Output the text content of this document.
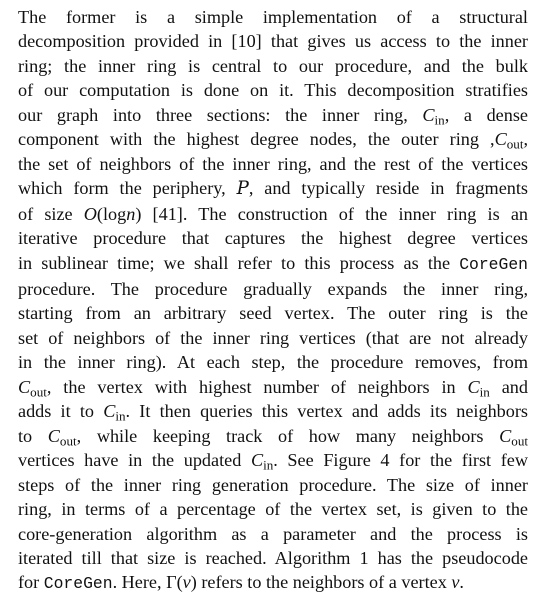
The former is a simple implementation of a structural
decomposition provided in [10] that gives us access to the inner
ring; the inner ring is central to our procedure, and the bulk
of our computation is done on it. This decomposition stratifies
our graph into three sections: the inner ring, $C_{in}$, a dense
component with the highest degree nodes, the outer ring $,C_{out}$,
the set of neighbors of the inner ring, and the rest of the vertices
which form the periphery, P, and typically reside in fragments
of size O(logn) [41]. The construction of the inner ring is an
iterative procedure that captures the highest degree vertices
in sublinear time; we shall refer to this process as the CoreGen
procedure. The procedure gradually expands the inner ring,
starting from an arbitrary seed vertex. The outer ring is the
set of neighbors of the inner ring vertices (that are not already
in the inner ring). At each step, the procedure removes, from
$C_{out}$, the vertex with highest number of neighbors in $C_{in}$ and
adds it to $C_{in}$. It then queries this vertex and adds its neighbors
to $C_{out}$, while keeping track of how many neighbors $C_{out}$
vertices have in the updated $C_{in}$. See Figure 4 for the first few
steps of the inner ring generation procedure. The size of inner
ring, in terms of a percentage of the vertex set, is given to the
core-generation algorithm as a parameter and the process is
iterated till that size is reached. Algorithm 1 has the pseudocode
for CoreGen. Here, Γ(v) refers to the neighbors of a vertex v.
